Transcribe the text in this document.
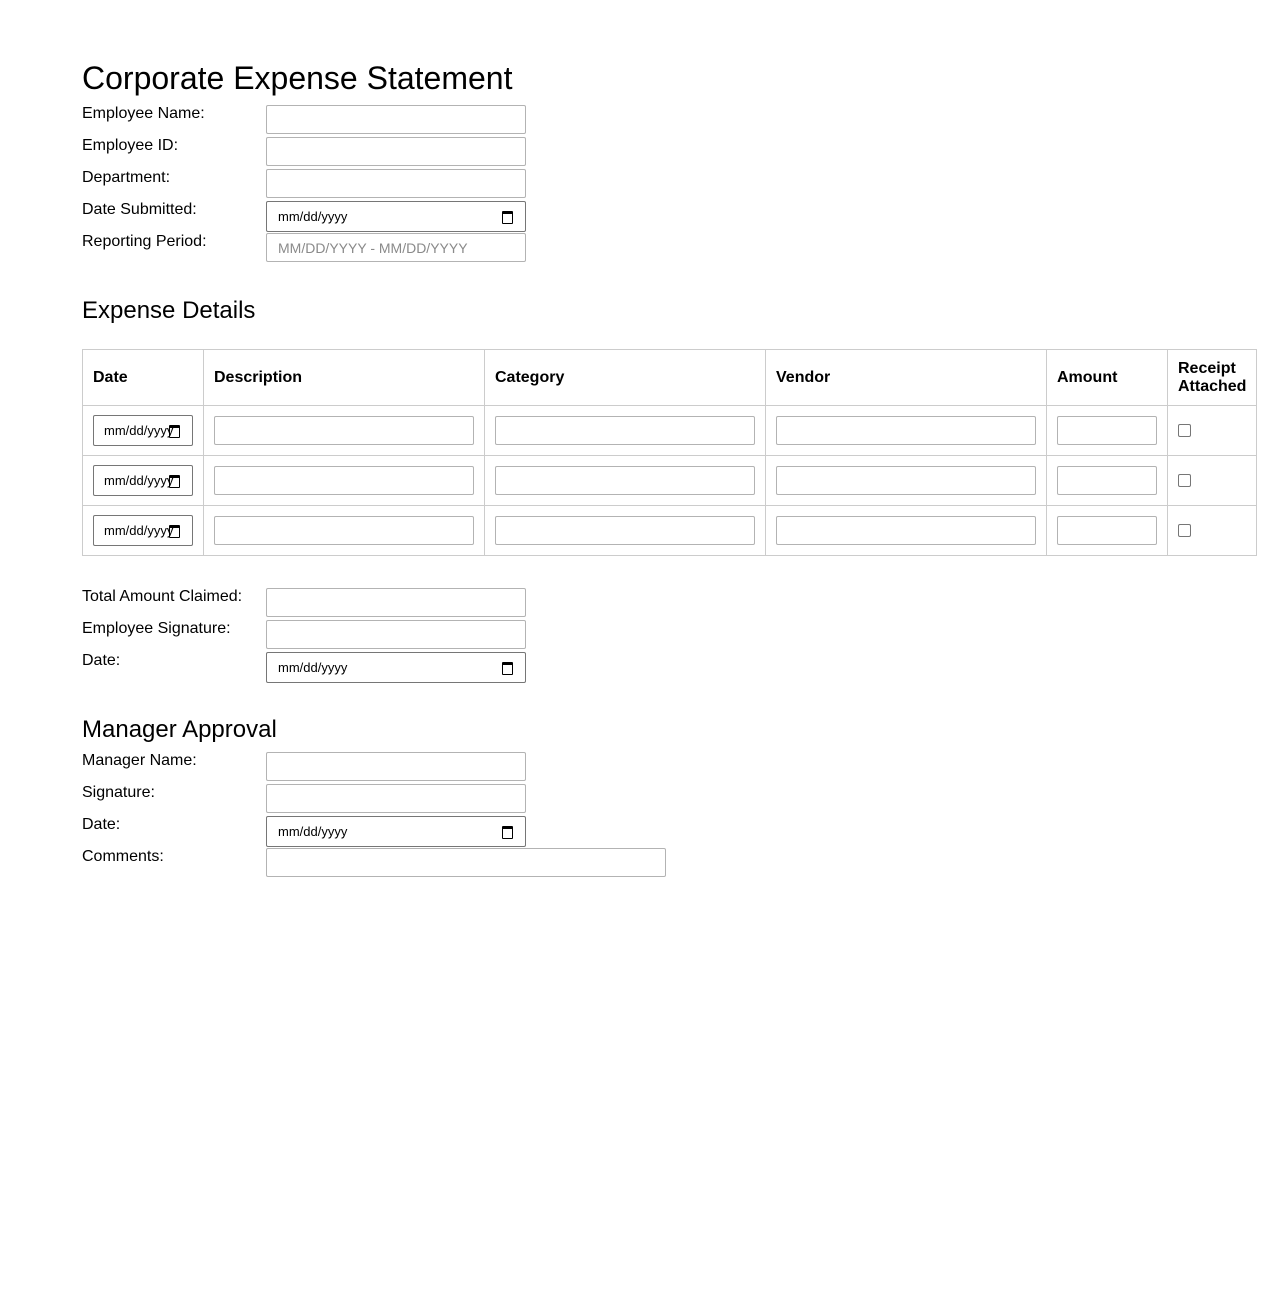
Corporate Expense Statement
Employee Name:
Employee ID:
Department:
Date Submitted:	mm/dd/yyyy
Reporting Period:	MM/DD/YYYY - MM/DD/YYYY
Expense Details
Date	Description	Category	Vendor	Amount	Receipt Attached

mm/dd/yyyy					

mm/dd/yyyy					

mm/dd/yyyy					

Total Amount Claimed:
Employee Signature:
Date:	mm/dd/yyyy
Manager Approval
Manager Name:
Signature:
Date:	mm/dd/yyyy
Comments:
